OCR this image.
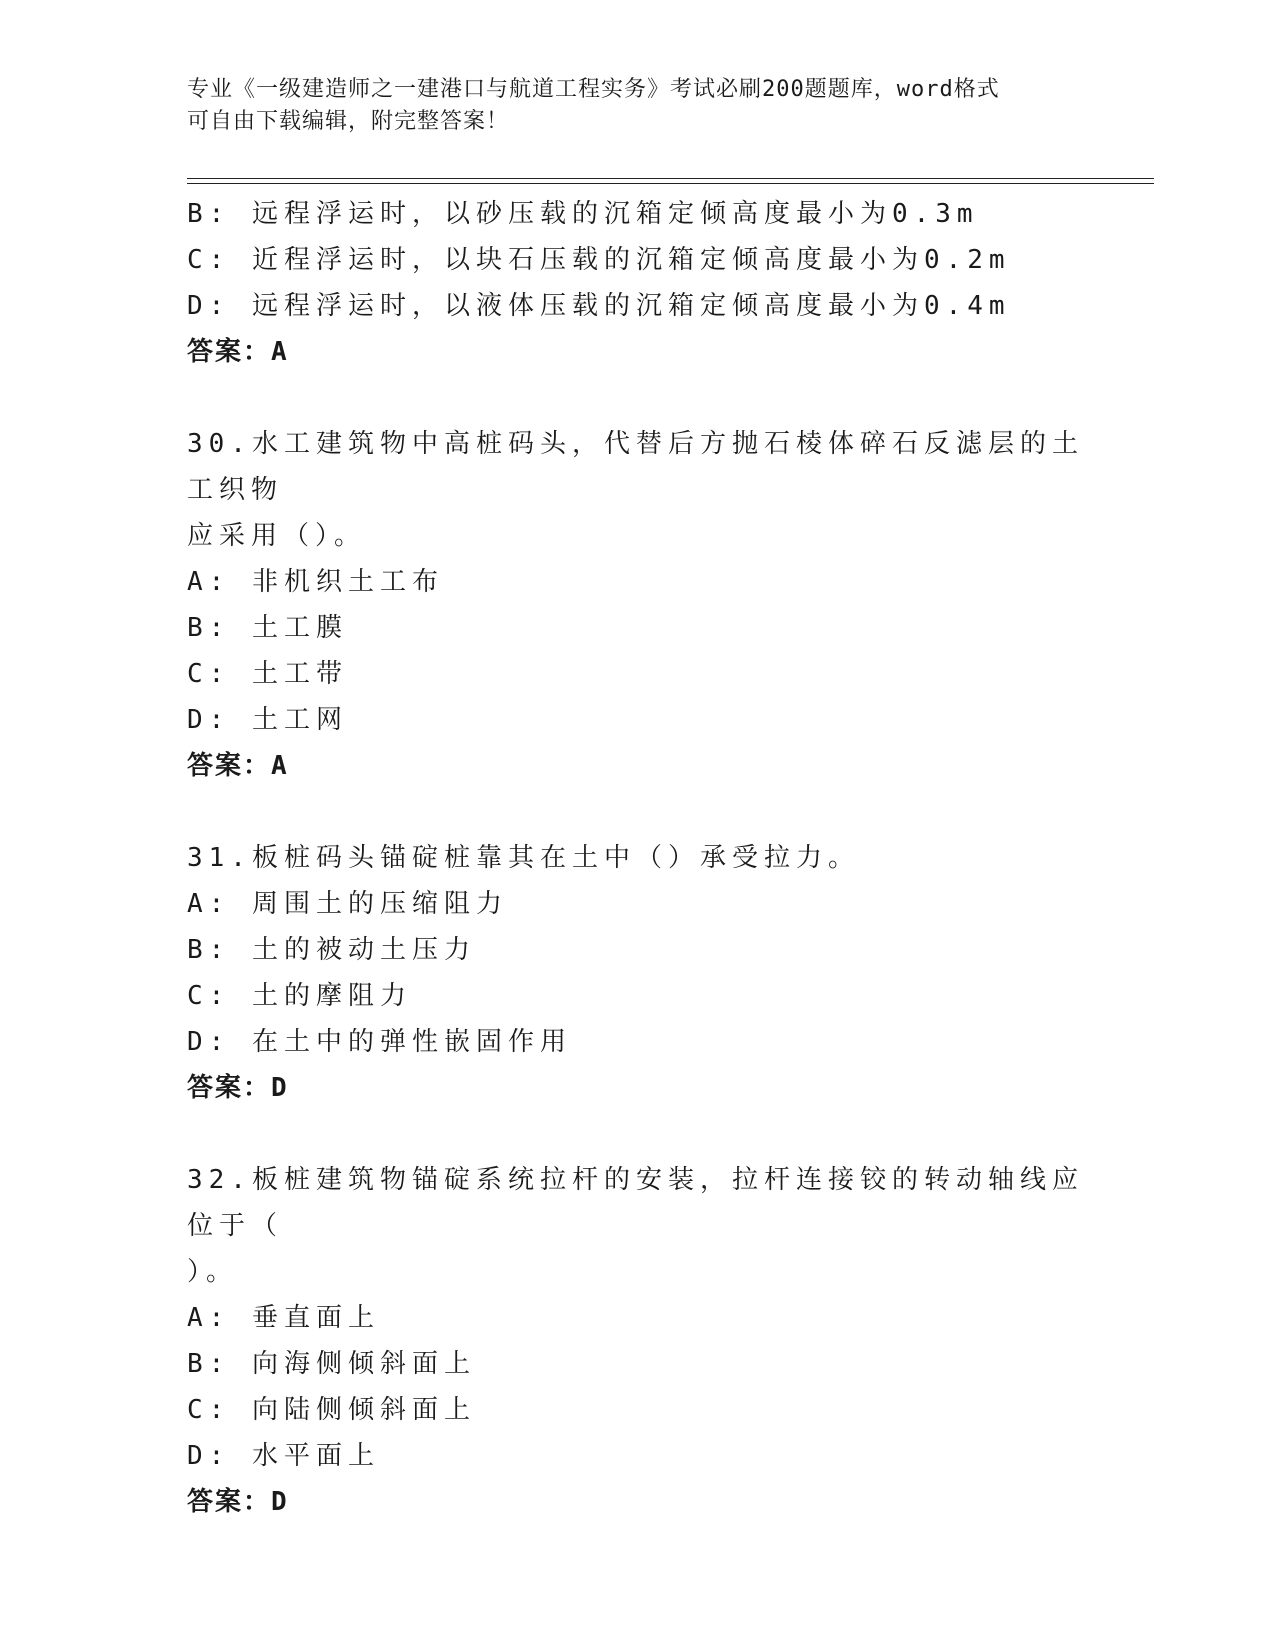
专业《一级建造师之一建港口与航道工程实务》考试必刷200题题库，word格式
可自由下载编辑，附完整答案！
B: 远程浮运时，以砂压载的沉箱定倾高度最小为0.3m
C: 近程浮运时，以块石压载的沉箱定倾高度最小为0.2m
D: 远程浮运时，以液体压载的沉箱定倾高度最小为0.4m
答案：A
30.水工建筑物中高桩码头，代替后方抛石棱体碎石反滤层的土工织物
应采用（）。
A: 非机织土工布
B: 土工膜
C: 土工带
D: 土工网
答案：A
31.板桩码头锚碇桩靠其在土中（）承受拉力。
A: 周围土的压缩阻力
B: 土的被动土压力
C: 土的摩阻力
D: 在土中的弹性嵌固作用
答案：D
32.板桩建筑物锚碇系统拉杆的安装，拉杆连接铰的转动轴线应位于（
）。
A: 垂直面上
B: 向海侧倾斜面上
C: 向陆侧倾斜面上
D: 水平面上
答案：D
